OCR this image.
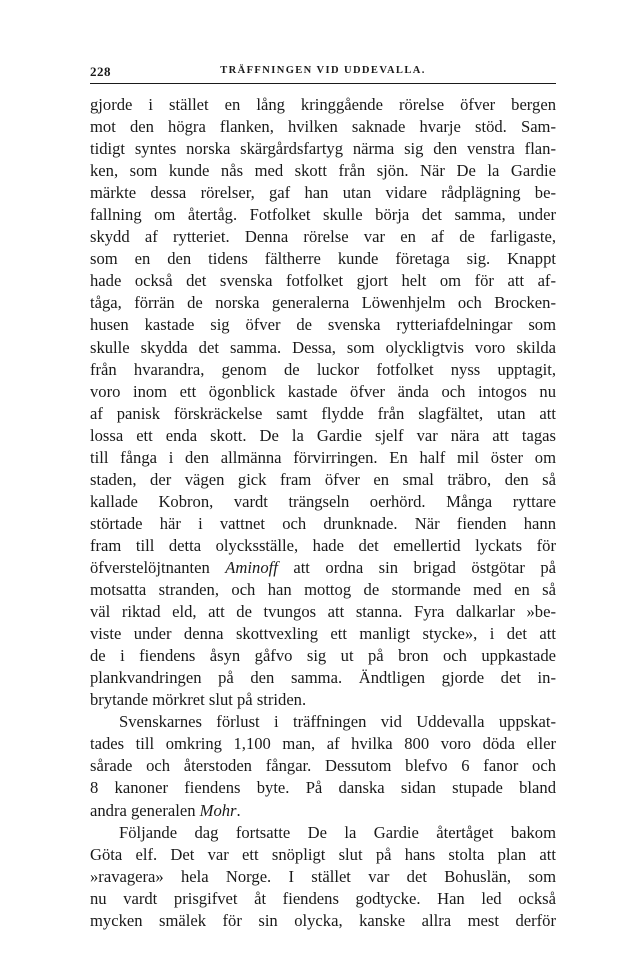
228	TRÄFFNINGEN VID UDDEVALLA.
gjorde i stället en lång kringgående rörelse öfver bergen
mot den högra flanken, hvilken saknade hvarje stöd. Sam-
tidigt syntes norska skärgårdsfartyg närma sig den venstra flan-
ken, som kunde nås med skott från sjön. När De la Gardie
märkte dessa rörelser, gaf han utan vidare rådplägning be-
fallning om återtåg. Fotfolket skulle börja det samma, under
skydd af rytteriet. Denna rörelse var en af de farligaste,
som en den tidens fältherre kunde företaga sig. Knappt
hade också det svenska fotfolket gjort helt om för att af-
tåga, förrän de norska generalerna Löwenhjelm och Brocken-
husen kastade sig öfver de svenska rytteriafdelningar som
skulle skydda det samma. Dessa, som olyckligtvis voro skilda
från hvarandra, genom de luckor fotfolket nyss upptagit,
voro inom ett ögonblick kastade öfver ända och intogos nu
af panisk förskräckelse samt flydde från slagfältet, utan att
lossa ett enda skott. De la Gardie sjelf var nära att tagas
till fånga i den allmänna förvirringen. En half mil öster om
staden, der vägen gick fram öfver en smal träbro, den så
kallade Kobron, vardt trängseln oerhörd. Många ryttare
störtade här i vattnet och drunknade. När fienden hann
fram till detta olycksställe, hade det emellertid lyckats för
öfverstelöjtnanten Aminoff att ordna sin brigad östgötar på
motsatta stranden, och han mottog de stormande med en så
väl riktad eld, att de tvungos att stanna. Fyra dalkarlar »be-
viste under denna skottvexling ett manligt stycke», i det att
de i fiendens åsyn gåfvo sig ut på bron och uppkastade
plankvandringen på den samma. Ändtligen gjorde det in-
brytande mörkret slut på striden.
Svenskarnes förlust i träffningen vid Uddevalla uppskat-
tades till omkring 1,100 man, af hvilka 800 voro döda eller
sårade och återstoden fångar. Dessutom blefvo 6 fanor och
8 kanoner fiendens byte. På danska sidan stupade bland
andra generalen Mohr.
Följande dag fortsatte De la Gardie återtåget bakom
Göta elf. Det var ett snöpligt slut på hans stolta plan att
»ravagera» hela Norge. I stället var det Bohuslän, som
nu vardt prisgifvet åt fiendens godtycke. Han led också
mycken smälek för sin olycka, kanske allra mest derför
